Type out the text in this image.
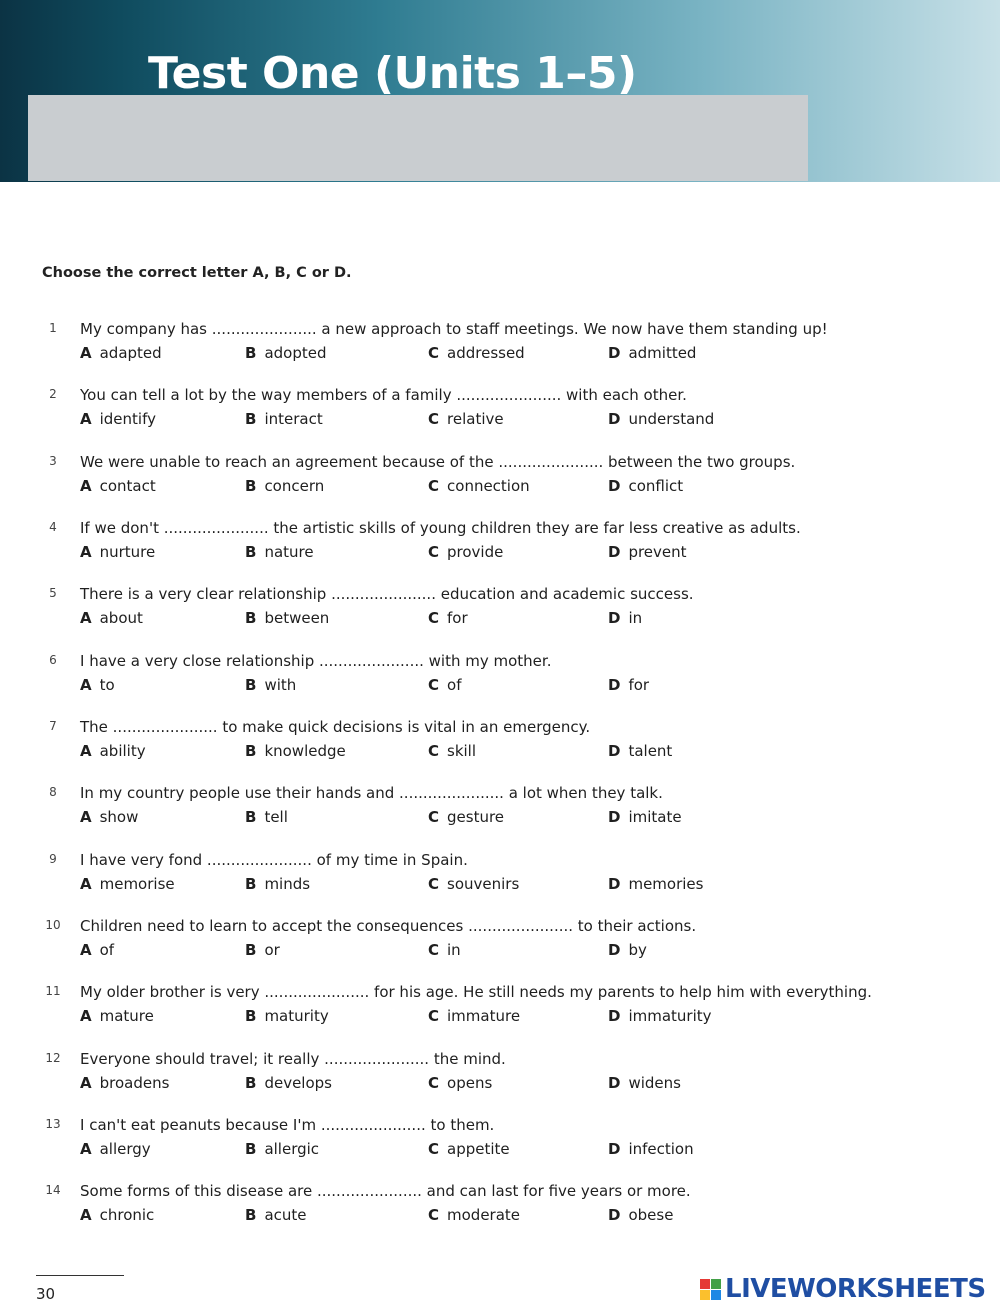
Test One (Units 1–5)

Choose the correct letter A, B, C or D.

1	My company has ...................... a new approach to staff meetings. We now have them standing up!
A adapted	B adopted	C addressed	D admitted
2	You can tell a lot by the way members of a family ...................... with each other.
A identify	B interact	C relative	D understand
3	We were unable to reach an agreement because of the ...................... between the two groups.
A contact	B concern	C connection	D conflict
4	If we don't ...................... the artistic skills of young children they are far less creative as adults.
A nurture	B nature	C provide	D prevent
5	There is a very clear relationship ...................... education and academic success.
A about	B between	C for	D in
6	I have a very close relationship ...................... with my mother.
A to	B with	C of	D for
7	The ...................... to make quick decisions is vital in an emergency.
A ability	B knowledge	C skill	D talent
8	In my country people use their hands and ...................... a lot when they talk.
A show	B tell	C gesture	D imitate
9	I have very fond ...................... of my time in Spain.
A memorise	B minds	C souvenirs	D memories
10	Children need to learn to accept the consequences ...................... to their actions.
A of	B or	C in	D by
11	My older brother is very ...................... for his age. He still needs my parents to help him with everything.
A mature	B maturity	C immature	D immaturity
12	Everyone should travel; it really ...................... the mind.
A broadens	B develops	C opens	D widens
13	I can't eat peanuts because I'm ...................... to them.
A allergy	B allergic	C appetite	D infection
14	Some forms of this disease are ...................... and can last for five years or more.
A chronic	B acute	C moderate	D obese
30	LIVEWORKSHEETS
